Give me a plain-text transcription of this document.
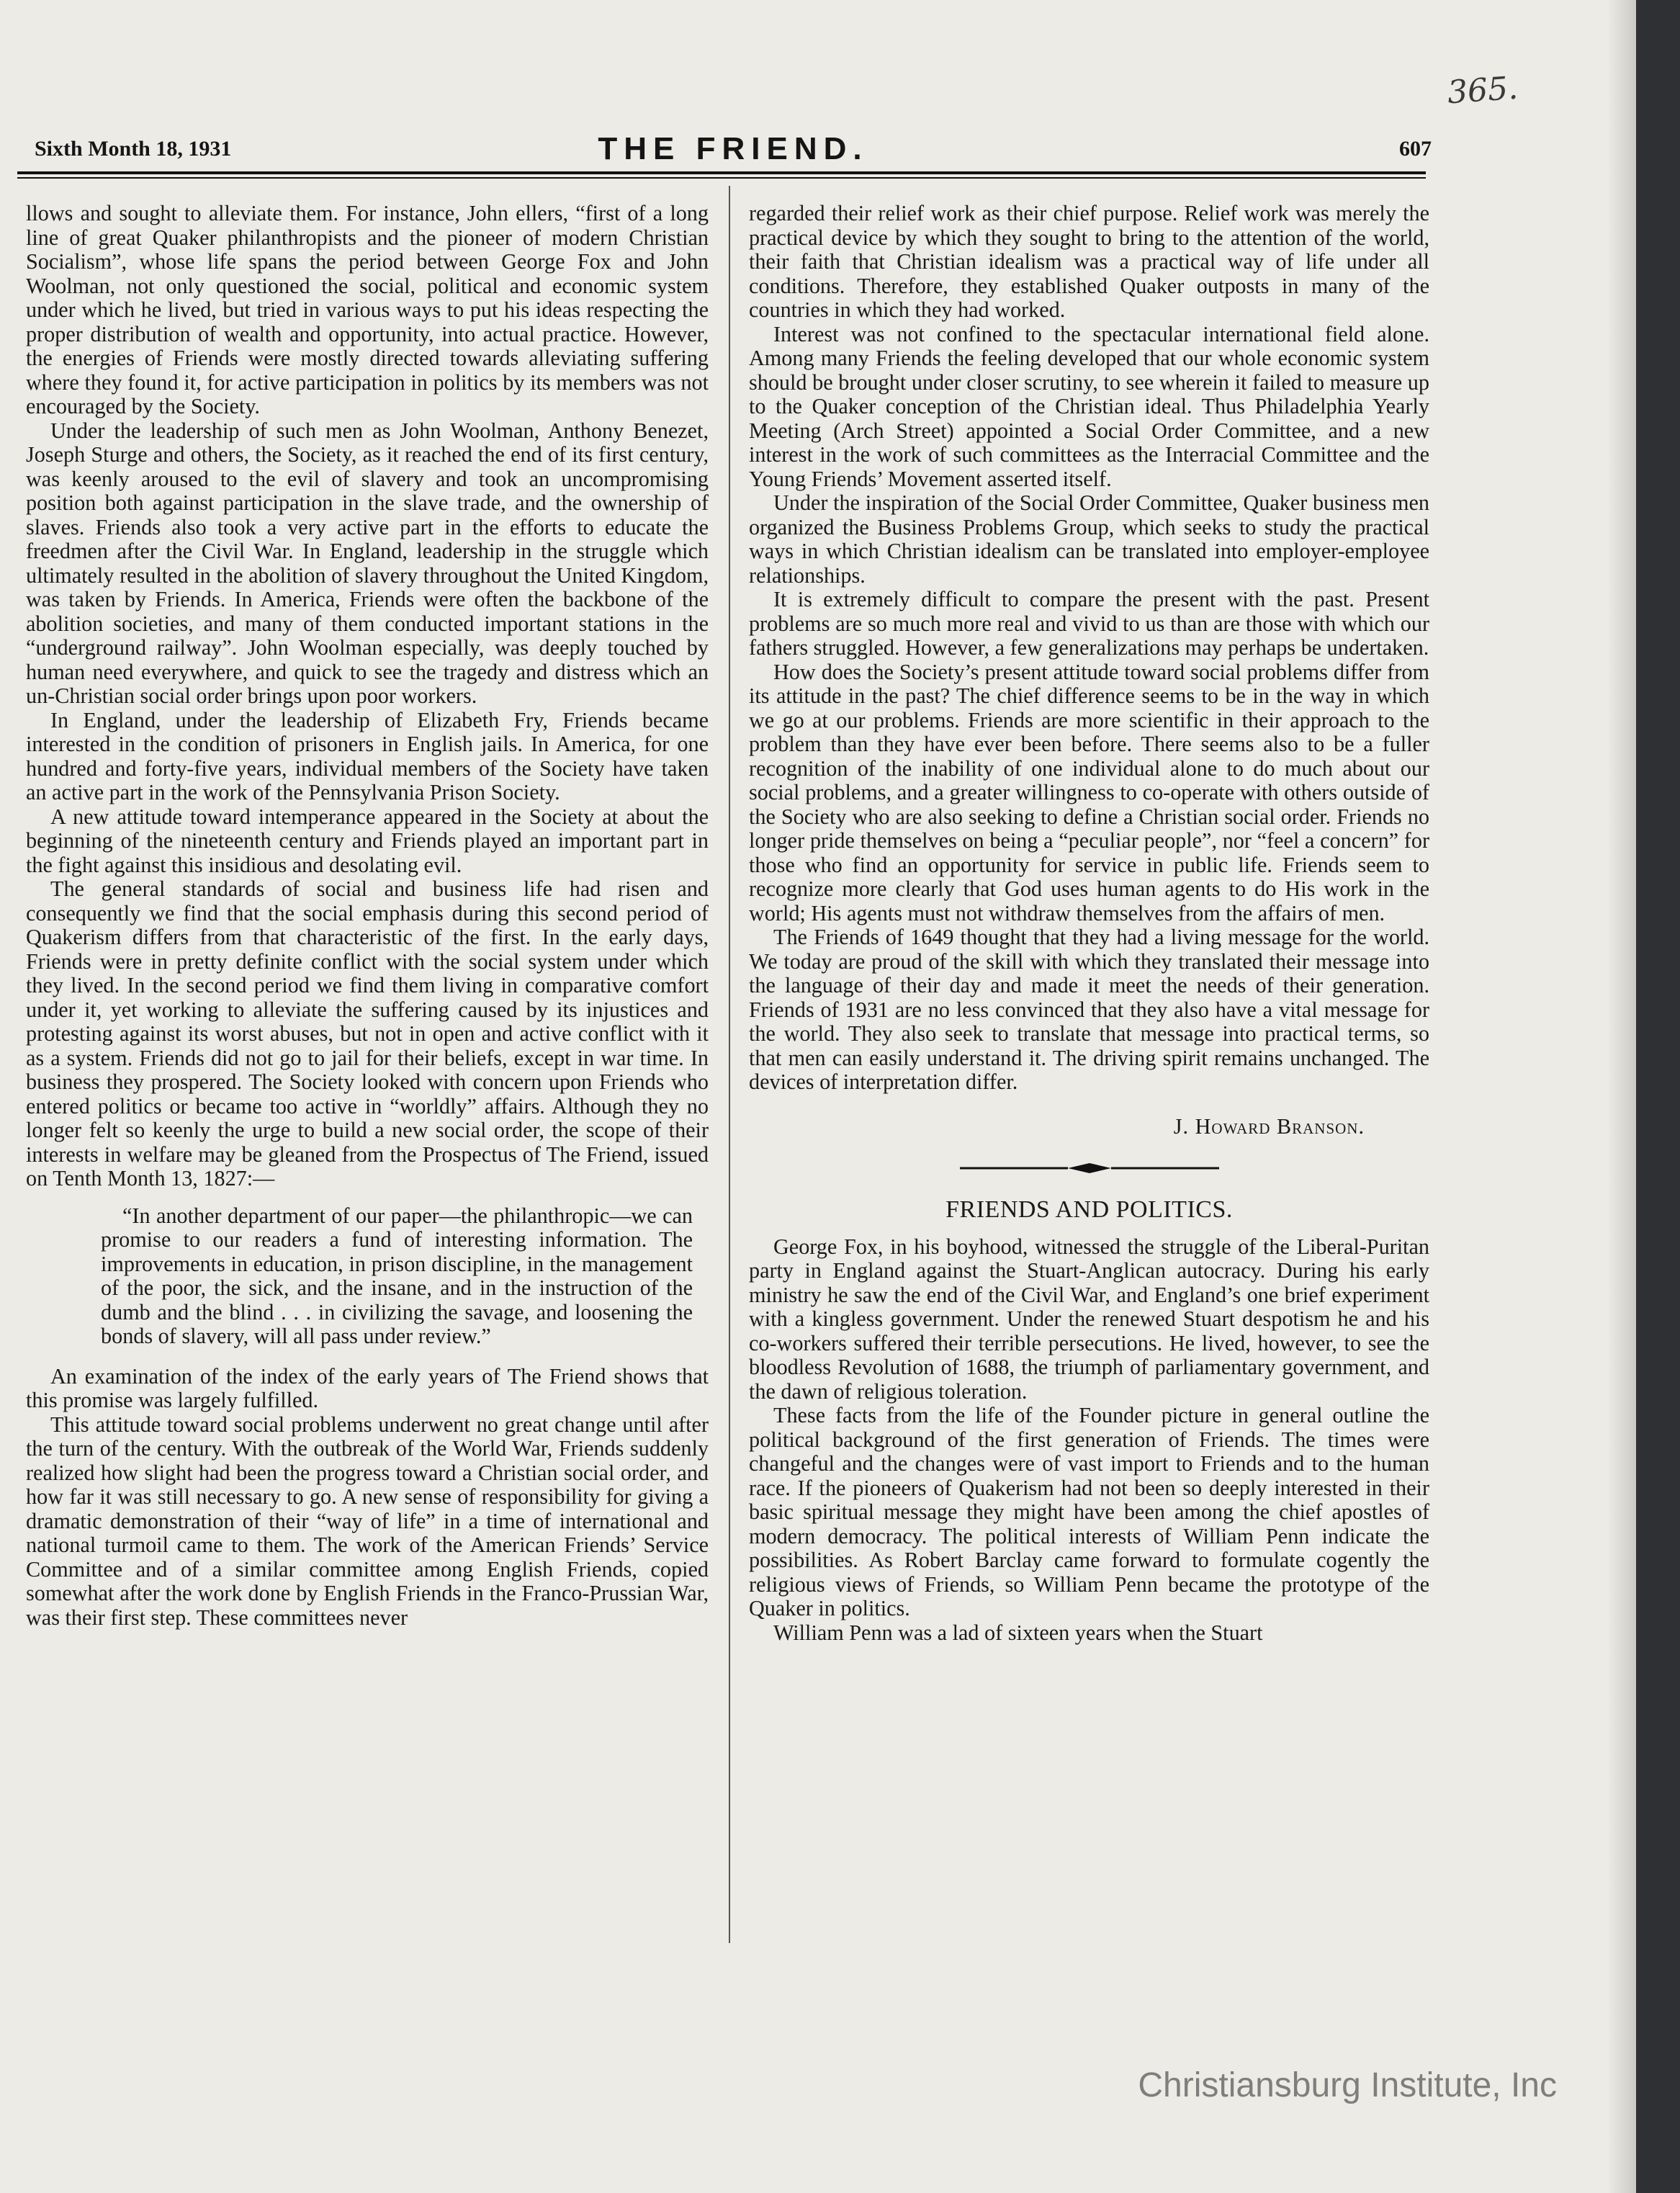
365.
Sixth Month 18, 1931	THE FRIEND.	607

llows and sought to alleviate them. For instance, John ellers, “first of a long line of great Quaker philanthropists and the pioneer of modern Christian Socialism”, whose life spans the period between George Fox and John Woolman, not only questioned the social, political and economic system under which he lived, but tried in various ways to put his ideas respecting the proper distribution of wealth and opportunity, into actual practice. However, the energies of Friends were mostly directed towards alleviating suffering where they found it, for active participation in politics by its members was not encouraged by the Society.

Under the leadership of such men as John Woolman, Anthony Benezet, Joseph Sturge and others, the Society, as it reached the end of its first century, was keenly aroused to the evil of slavery and took an uncompromising position both against participation in the slave trade, and the ownership of slaves. Friends also took a very active part in the efforts to educate the freedmen after the Civil War. In England, leadership in the struggle which ultimately resulted in the abolition of slavery throughout the United Kingdom, was taken by Friends. In America, Friends were often the backbone of the abolition societies, and many of them conducted important stations in the “underground railway”. John Woolman especially, was deeply touched by human need everywhere, and quick to see the tragedy and distress which an un-Christian social order brings upon poor workers.

In England, under the leadership of Elizabeth Fry, Friends became interested in the condition of prisoners in English jails. In America, for one hundred and forty-five years, individual members of the Society have taken an active part in the work of the Pennsylvania Prison Society.

A new attitude toward intemperance appeared in the Society at about the beginning of the nineteenth century and Friends played an important part in the fight against this insidious and desolating evil.

The general standards of social and business life had risen and consequently we find that the social emphasis during this second period of Quakerism differs from that characteristic of the first. In the early days, Friends were in pretty definite conflict with the social system under which they lived. In the second period we find them living in comparative comfort under it, yet working to alleviate the suffering caused by its injustices and protesting against its worst abuses, but not in open and active conflict with it as a system. Friends did not go to jail for their beliefs, except in war time. In business they prospered. The Society looked with concern upon Friends who entered politics or became too active in “worldly” affairs. Although they no longer felt so keenly the urge to build a new social order, the scope of their interests in welfare may be gleaned from the Prospectus of The Friend, issued on Tenth Month 13, 1827:—

“In another department of our paper—the philanthropic—we can promise to our readers a fund of interesting information. The improvements in education, in prison discipline, in the management of the poor, the sick, and the insane, and in the instruction of the dumb and the blind . . . in civilizing the savage, and loosening the bonds of slavery, will all pass under review.”

An examination of the index of the early years of The Friend shows that this promise was largely fulfilled.

This attitude toward social problems underwent no great change until after the turn of the century. With the outbreak of the World War, Friends suddenly realized how slight had been the progress toward a Christian social order, and how far it was still necessary to go. A new sense of responsibility for giving a dramatic demonstration of their “way of life” in a time of international and national turmoil came to them. The work of the American Friends’ Service Committee and of a similar committee among English Friends, copied somewhat after the work done by English Friends in the Franco-Prussian War, was their first step. These committees never

regarded their relief work as their chief purpose. Relief work was merely the practical device by which they sought to bring to the attention of the world, their faith that Christian idealism was a practical way of life under all conditions. Therefore, they established Quaker outposts in many of the countries in which they had worked.

Interest was not confined to the spectacular international field alone. Among many Friends the feeling developed that our whole economic system should be brought under closer scrutiny, to see wherein it failed to measure up to the Quaker conception of the Christian ideal. Thus Philadelphia Yearly Meeting (Arch Street) appointed a Social Order Committee, and a new interest in the work of such committees as the Interracial Committee and the Young Friends’ Movement asserted itself.

Under the inspiration of the Social Order Committee, Quaker business men organized the Business Problems Group, which seeks to study the practical ways in which Christian idealism can be translated into employer-employee relationships.

It is extremely difficult to compare the present with the past. Present problems are so much more real and vivid to us than are those with which our fathers struggled. However, a few generalizations may perhaps be undertaken.

How does the Society’s present attitude toward social problems differ from its attitude in the past? The chief difference seems to be in the way in which we go at our problems. Friends are more scientific in their approach to the problem than they have ever been before. There seems also to be a fuller recognition of the inability of one individual alone to do much about our social problems, and a greater willingness to co-operate with others outside of the Society who are also seeking to define a Christian social order. Friends no longer pride themselves on being a “peculiar people”, nor “feel a concern” for those who find an opportunity for service in public life. Friends seem to recognize more clearly that God uses human agents to do His work in the world; His agents must not withdraw themselves from the affairs of men.

The Friends of 1649 thought that they had a living message for the world. We today are proud of the skill with which they translated their message into the language of their day and made it meet the needs of their generation. Friends of 1931 are no less convinced that they also have a vital message for the world. They also seek to translate that message into practical terms, so that men can easily understand it. The driving spirit remains unchanged. The devices of interpretation differ.

J. Howard Branson.

FRIENDS AND POLITICS.

George Fox, in his boyhood, witnessed the struggle of the Liberal-Puritan party in England against the Stuart-Anglican autocracy. During his early ministry he saw the end of the Civil War, and England’s one brief experiment with a kingless government. Under the renewed Stuart despotism he and his co-workers suffered their terrible persecutions. He lived, however, to see the bloodless Revolution of 1688, the triumph of parliamentary government, and the dawn of religious toleration.

These facts from the life of the Founder picture in general outline the political background of the first generation of Friends. The times were changeful and the changes were of vast import to Friends and to the human race. If the pioneers of Quakerism had not been so deeply interested in their basic spiritual message they might have been among the chief apostles of modern democracy. The political interests of William Penn indicate the possibilities. As Robert Barclay came forward to formulate cogently the religious views of Friends, so William Penn became the prototype of the Quaker in politics.

William Penn was a lad of sixteen years when the Stuart

Christiansburg Institute, Inc
